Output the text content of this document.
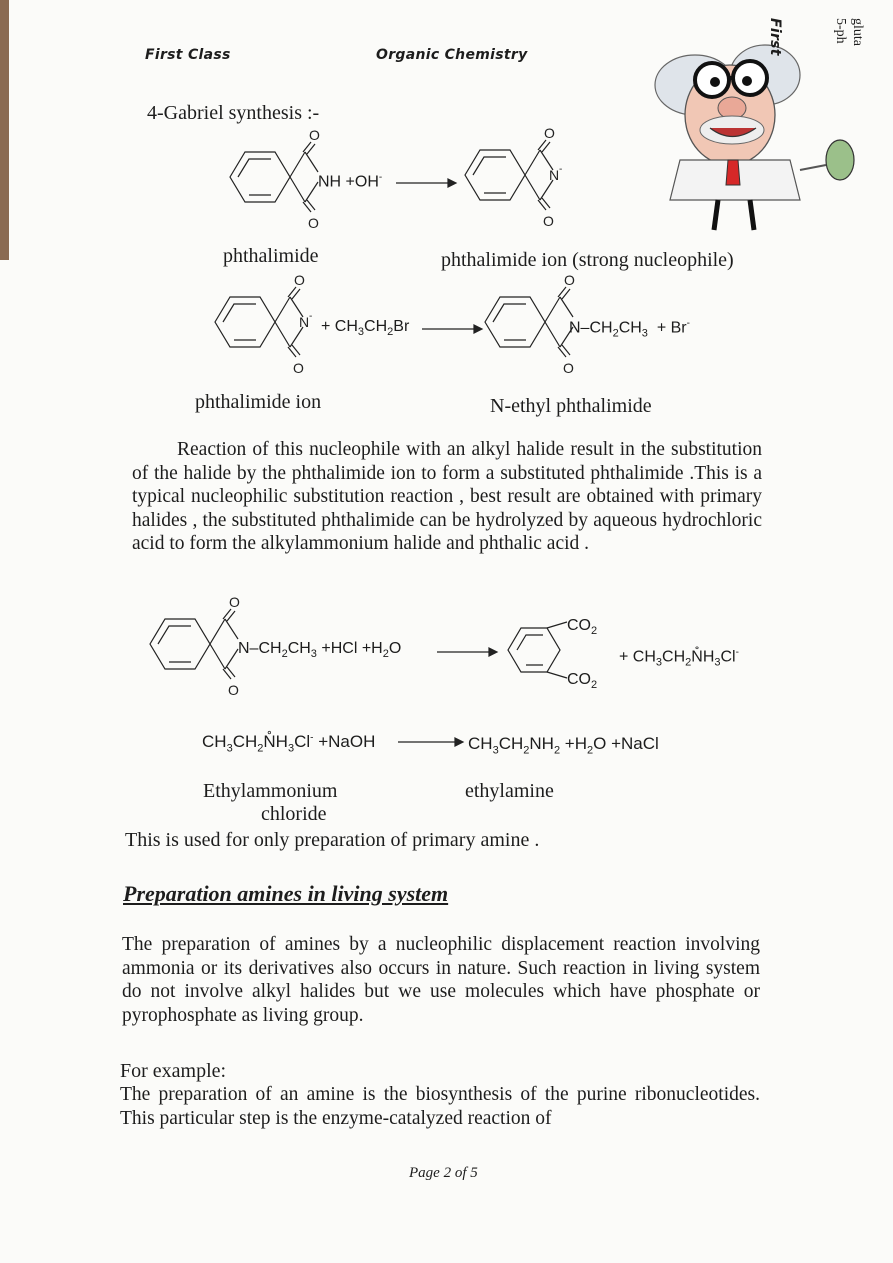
First Class	Organic Chemistry	First	gluta
5-ph
4-Gabriel synthesis :-
O
O
NH +OH-
O
O
N -
phthalimide	phthalimide ion (strong nucleophile)
O
O
N -
+ $CH_3CH_2Br$
O
O
$N-CH_2CH_3 + Br^-$
phthalimide ion	N-ethyl phthalimide
Reaction of this nucleophile with an alkyl halide result in the substitution of the halide by the phthalimide ion to form a substituted phthalimide .This is a typical nucleophilic substitution reaction , best result are obtained with primary halides , the substituted phthalimide can be hydrolyzed by aqueous hydrochloric acid to form the alkylammonium halide and phthalic acid .
O
O
$N-CH_2CH_3 +HCl +H_2O$
$CO_2$
$CO_2$
+ $CH_3CH_2N̊H_3Cl^-$
$CH_3CH_2N̊H_3Cl^-$ +NaOH	$CH_3CH_2NH_2 +H_2O$ +NaCl
Ethylammonium
chloride
ethylamine
This is used for only preparation of primary amine .
Preparation amines in living system
The preparation of amines by a nucleophilic displacement reaction involving ammonia or its derivatives also occurs in nature. Such reaction in living system do not involve alkyl halides but we use molecules which have phosphate or pyrophosphate as living group.
For example:
The preparation of an amine is the biosynthesis of the purine ribonucleotides. This particular step is the enzyme-catalyzed reaction of
Page 2 of 5
